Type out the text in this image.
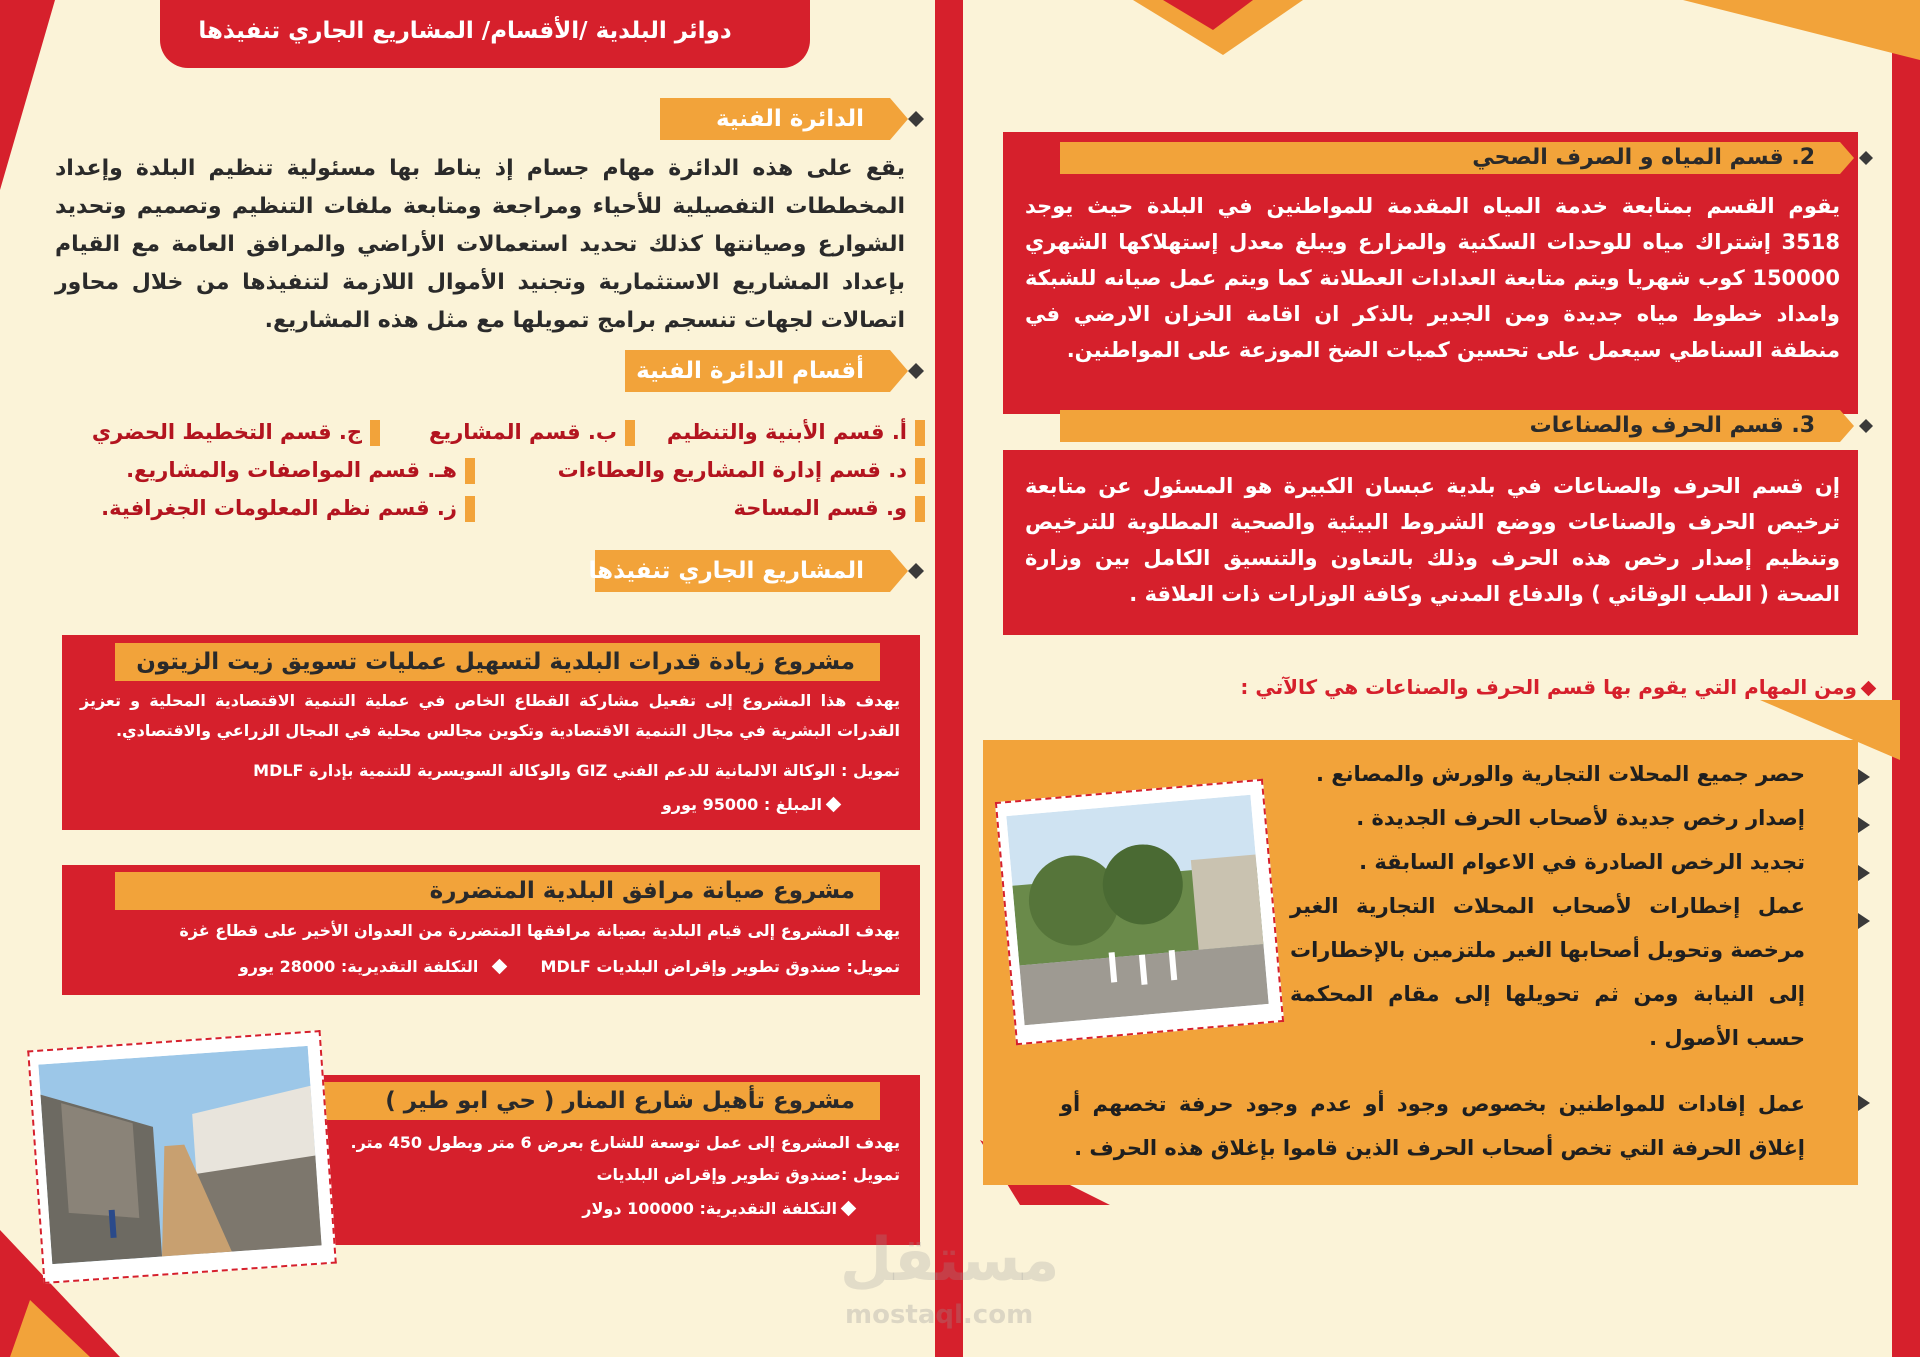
دوائر البلدية /الأقسام/ المشاريع الجاري تنفيذها
الدائرة الفنية
يقع على هذه الدائرة مهام جسام إذ يناط بها مسئولية تنظيم البلدة وإعداد المخططات التفصيلية للأحياء ومراجعة ومتابعة ملفات التنظيم وتصميم وتحديد الشوارع وصيانتها كذلك تحديد استعمالات الأراضي والمرافق العامة مع القيام بإعداد المشاريع الاستثمارية وتجنيد الأموال اللازمة لتنفيذها من خلال محاور اتصالات لجهات تنسجم برامج تمويلها مع مثل هذه المشاريع.
أقسام الدائرة الفنية
أ. قسم الأبنية والتنظيم
ب. قسم المشاريع
ج. قسم التخطيط الحضري
د. قسم إدارة المشاريع والعطاءات
هـ. قسم المواصفات والمشاريع.
و. قسم المساحة
ز. قسم نظم المعلومات الجغرافية.
المشاريع الجاري تنفيذها
مشروع زيادة قدرات البلدية لتسهيل عمليات تسويق زيت الزيتون
يهدف هذا المشروع إلى تفعيل مشاركة القطاع الخاص في عملية التنمية الاقتصادية المحلية و تعزيز القدرات البشرية في مجال التنمية الاقتصادية وتكوين مجالس محلية في المجال الزراعي والاقتصادي.
تمويل : الوكالة الالمانية للدعم الفني GIZ والوكالة السويسرية للتنمية بإدارة MDLF
المبلغ : 95000 يورو
مشروع صيانة مرافق البلدية المتضررة
يهدف المشروع إلى قيام البلدية بصيانة مرافقها المتضررة من العدوان الأخير على قطاع غزة
تمويل: صندوق تطوير وإقراض البلديات MDLF  التكلفة التقديرية: 28000 يورو
مشروع تأهيل شارع المنار ( حي ابو طير )
يهدف المشروع إلى عمل توسعة للشارع بعرض 6 متر وبطول 450 متر.
تمويل :صندوق تطوير وإقراض البلديات
التكلفة التقديرية: 100000 دولار
2. قسم المياه و الصرف الصحي
يقوم القسم بمتابعة خدمة المياه المقدمة للمواطنين في البلدة حيث يوجد 3518 إشتراك مياه للوحدات السكنية والمزارع ويبلغ معدل إستهلاكها الشهري 150000 كوب شهريا ويتم متابعة العدادات العطلانة كما ويتم عمل صيانه للشبكة وامداد خطوط مياه جديدة ومن الجدير بالذكر ان اقامة الخزان الارضي في منطقة السناطي سيعمل على تحسين كميات الضخ الموزعة على المواطنين.
3. قسم الحرف والصناعات
إن قسم الحرف والصناعات في بلدية عبسان الكبيرة هو المسئول عن متابعة ترخيص الحرف والصناعات ووضع الشروط البيئية والصحية المطلوبة للترخيص وتنظيم إصدار رخص هذه الحرف وذلك بالتعاون والتنسيق الكامل بين وزارة الصحة ( الطب الوقائي ) والدفاع المدني وكافة الوزارات ذات العلاقة .
ومن المهام التي يقوم بها قسم الحرف والصناعات هي كالآتي :
حصر جميع المحلات التجارية والورش والمصانع .
إصدار رخص جديدة لأصحاب الحرف الجديدة .
تجديد الرخص الصادرة في الاعوام السابقة .
عمل إخطارات لأصحاب المحلات التجارية الغير مرخصة وتحويل أصحابها الغير ملتزمين بالإخطارات إلى النيابة ومن ثم تحويلها إلى مقام المحكمة حسب الأصول .
عمل إفادات للمواطنين بخصوص وجود أو عدم وجود حرفة تخصهم أو إغلاق الحرفة التي تخص أصحاب الحرف الذين قاموا بإغلاق هذه الحرف .
مستقل
mostaql.com
